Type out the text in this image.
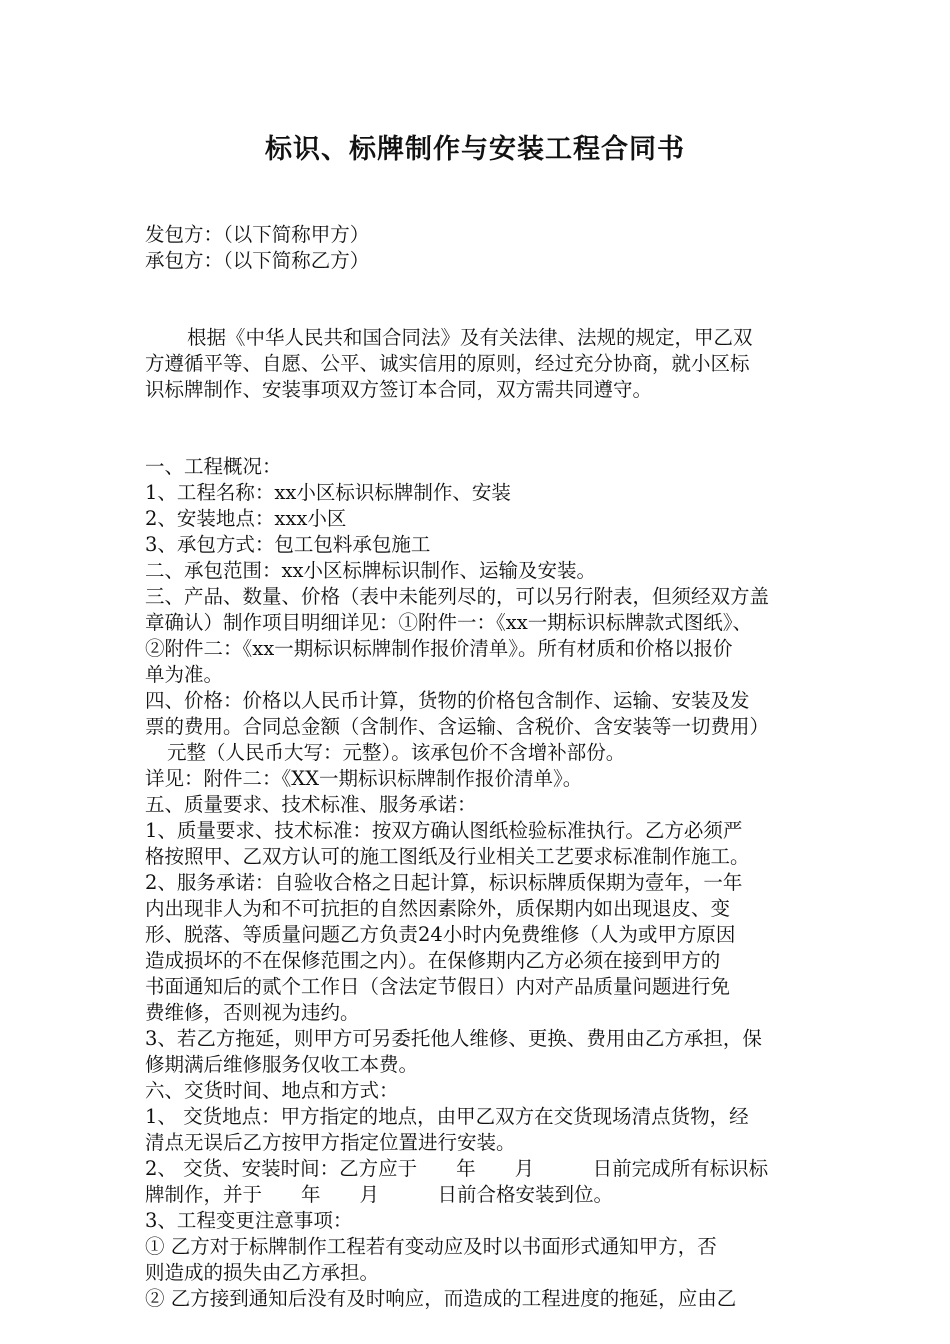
标识、标牌制作与安装工程合同书
发包方：（以下简称甲方）
承包方：（以下简称乙方）
根据《中华人民共和国合同法》及有关法律、法规的规定，甲乙双
方遵循平等、自愿、公平、诚实信用的原则，经过充分协商，就小区标
识标牌制作、安装事项双方签订本合同，双方需共同遵守。
一、工程概况：
1、工程名称：xx小区标识标牌制作、安装
2、安装地点：xxx小区
3、承包方式：包工包料承包施工
二、承包范围：xx小区标牌标识制作、运输及安装。
三、产品、数量、价格（表中未能列尽的，可以另行附表，但须经双方盖
章确认）制作项目明细详见：①附件一：《xx一期标识标牌款式图纸》、
②附件二：《xx一期标识标牌制作报价清单》。所有材质和价格以报价
单为准。
四、价格：价格以人民币计算，货物的价格包含制作、运输、安装及发
票的费用。合同总金额（含制作、含运输、含税价、含安装等一切费用）
元整（人民币大写：元整）。该承包价不含增补部份。
详见：附件二：《XX一期标识标牌制作报价清单》。
五、质量要求、技术标准、服务承诺：
1、质量要求、技术标准：按双方确认图纸检验标准执行。乙方必须严
格按照甲、乙双方认可的施工图纸及行业相关工艺要求标准制作施工。
2、服务承诺：自验收合格之日起计算，标识标牌质保期为壹年，一年
内出现非人为和不可抗拒的自然因素除外，质保期内如出现退皮、变
形、脱落、等质量问题乙方负责24小时内免费维修（人为或甲方原因
造成损坏的不在保修范围之内）。在保修期内乙方必须在接到甲方的
书面通知后的贰个工作日（含法定节假日）内对产品质量问题进行免
费维修，否则视为违约。
3、若乙方拖延，则甲方可另委托他人维修、更换、费用由乙方承担，保
修期满后维修服务仅收工本费。
六、交货时间、地点和方式：
1、 交货地点：甲方指定的地点，由甲乙双方在交货现场清点货物，经
清点无误后乙方按甲方指定位置进行安装。
2、 交货、安装时间：乙方应于　　年　　月　　　日前完成所有标识标
牌制作，并于　　年　　月　　　日前合格安装到位。
3、工程变更注意事项：
① 乙方对于标牌制作工程若有变动应及时以书面形式通知甲方，否
则造成的损失由乙方承担。
② 乙方接到通知后没有及时响应，而造成的工程进度的拖延，应由乙
